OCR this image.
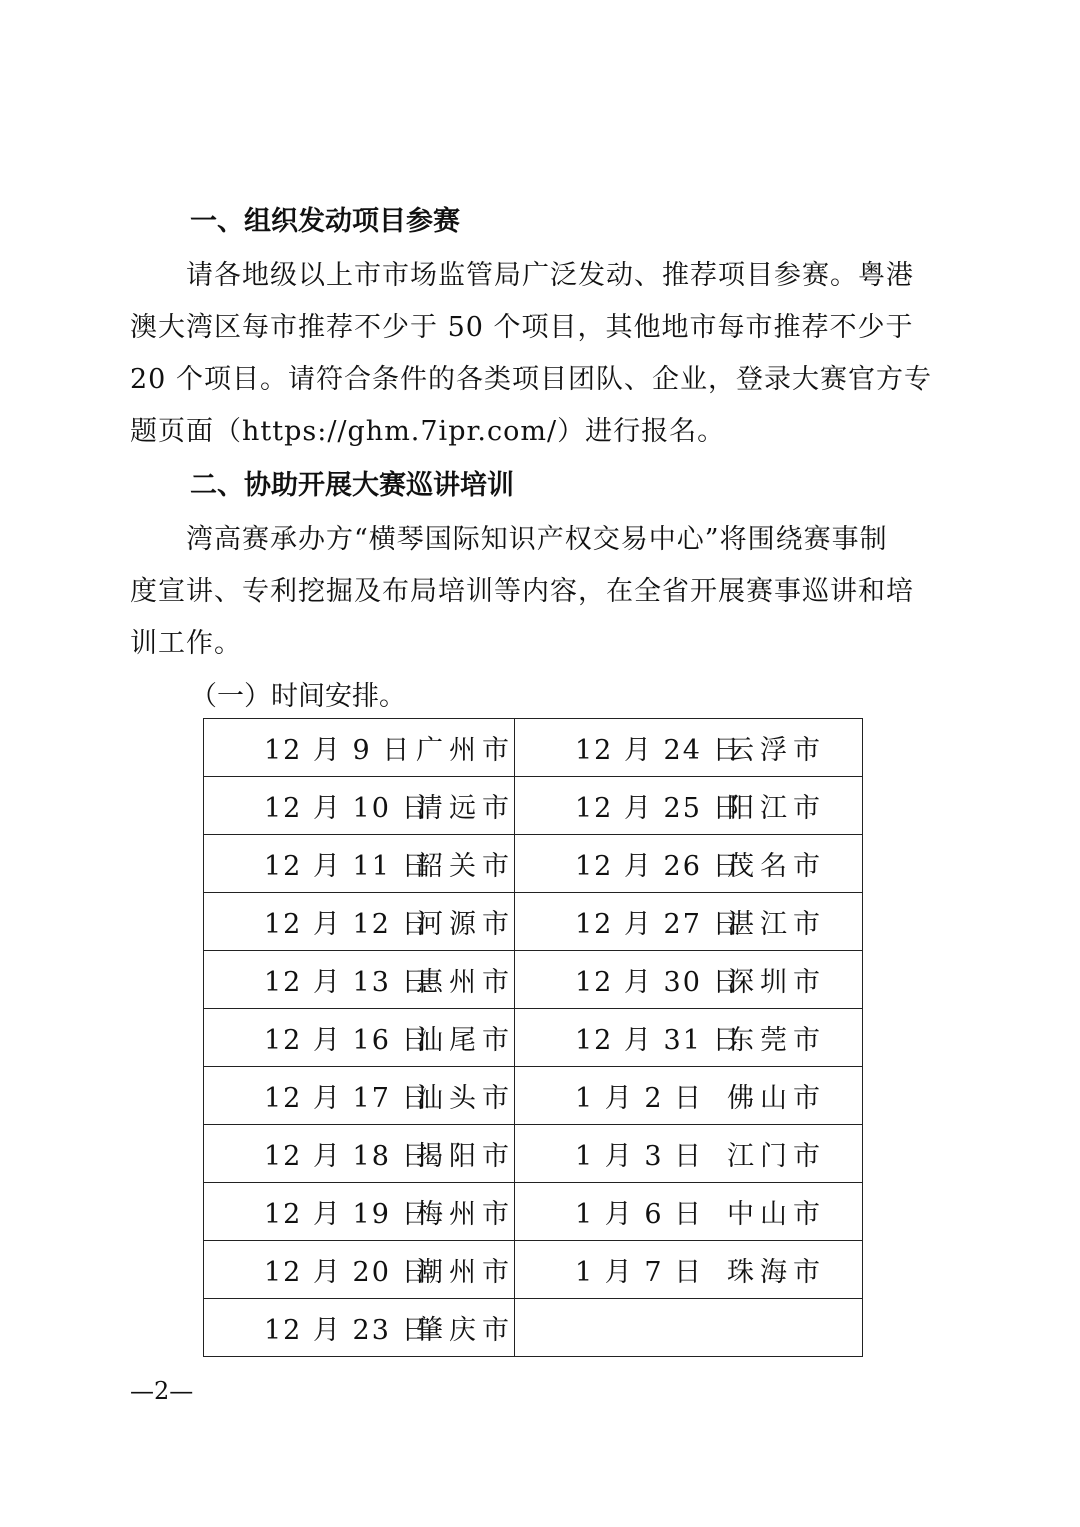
一、组织发动项目参赛
　　请各地级以上市市场监管局广泛发动、推荐项目参赛。粤港
澳大湾区每市推荐不少于 50 个项目，其他地市每市推荐不少于
20 个项目。请符合条件的各类项目团队、企业，登录大赛官方专
题页面（https://ghm.7ipr.com/）进行报名。
二、协助开展大赛巡讲培训
　　湾高赛承办方“横琴国际知识产权交易中心”将围绕赛事制
度宣讲、专利挖掘及布局培训等内容，在全省开展赛事巡讲和培
训工作。
（一）时间安排。
12 月 9 日 广州市	12 月 24 日云浮市
12 月 10 日清远市	12 月 25 日阳江市
12 月 11 日韶关市	12 月 26 日茂名市
12 月 12 日河源市	12 月 27 日湛江市
12 月 13 日惠州市	12 月 30 日深圳市
12 月 16 日汕尾市	12 月 31 日东莞市
12 月 17 日汕头市	1 月 2 日 佛山市
12 月 18 日揭阳市	1 月 3 日 江门市
12 月 19 日梅州市	1 月 6 日 中山市
12 月 20 日潮州市	1 月 7 日 珠海市
12 月 23 日肇庆市	
—2—
